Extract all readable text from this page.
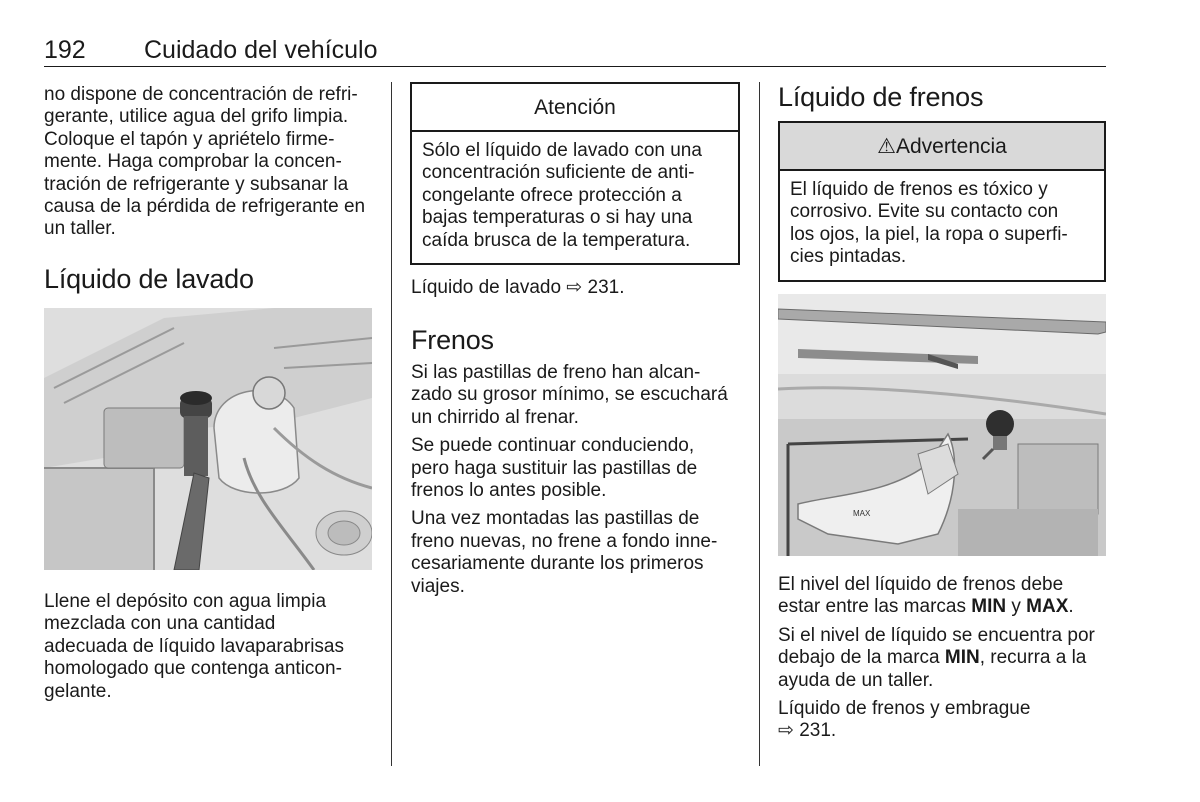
192 Cuidado del vehículo

no dispone de concentración de refri-
gerante, utilice agua del grifo limpia.
Coloque el tapón y apriételo firme-
mente. Haga comprobar la concen-
tración de refrigerante y subsanar la
causa de la pérdida de refrigerante en
un taller.

Líquido de lavado

Llene el depósito con agua limpia
mezclada con una cantidad
adecuada de líquido lavaparabrisas
homologado que contenga anticon-
gelante.

Atención
Sólo el líquido de lavado con una
concentración suficiente de anti-
congelante ofrece protección a
bajas temperaturas o si hay una
caída brusca de la temperatura.

Líquido de lavado ⇨ 231.

Frenos

Si las pastillas de freno han alcan-
zado su grosor mínimo, se escuchará
un chirrido al frenar.

Se puede continuar conduciendo,
pero haga sustituir las pastillas de
frenos lo antes posible.

Una vez montadas las pastillas de
freno nuevas, no frene a fondo inne-
cesariamente durante los primeros
viajes.

Líquido de frenos
⚠Advertencia
El líquido de frenos es tóxico y
corrosivo. Evite su contacto con
los ojos, la piel, la ropa o superfi-
cies pintadas.
MAX

El nivel del líquido de frenos debe
estar entre las marcas MIN y MAX.

Si el nivel de líquido se encuentra por
debajo de la marca MIN, recurra a la
ayuda de un taller.

Líquido de frenos y embrague
⇨ 231.
